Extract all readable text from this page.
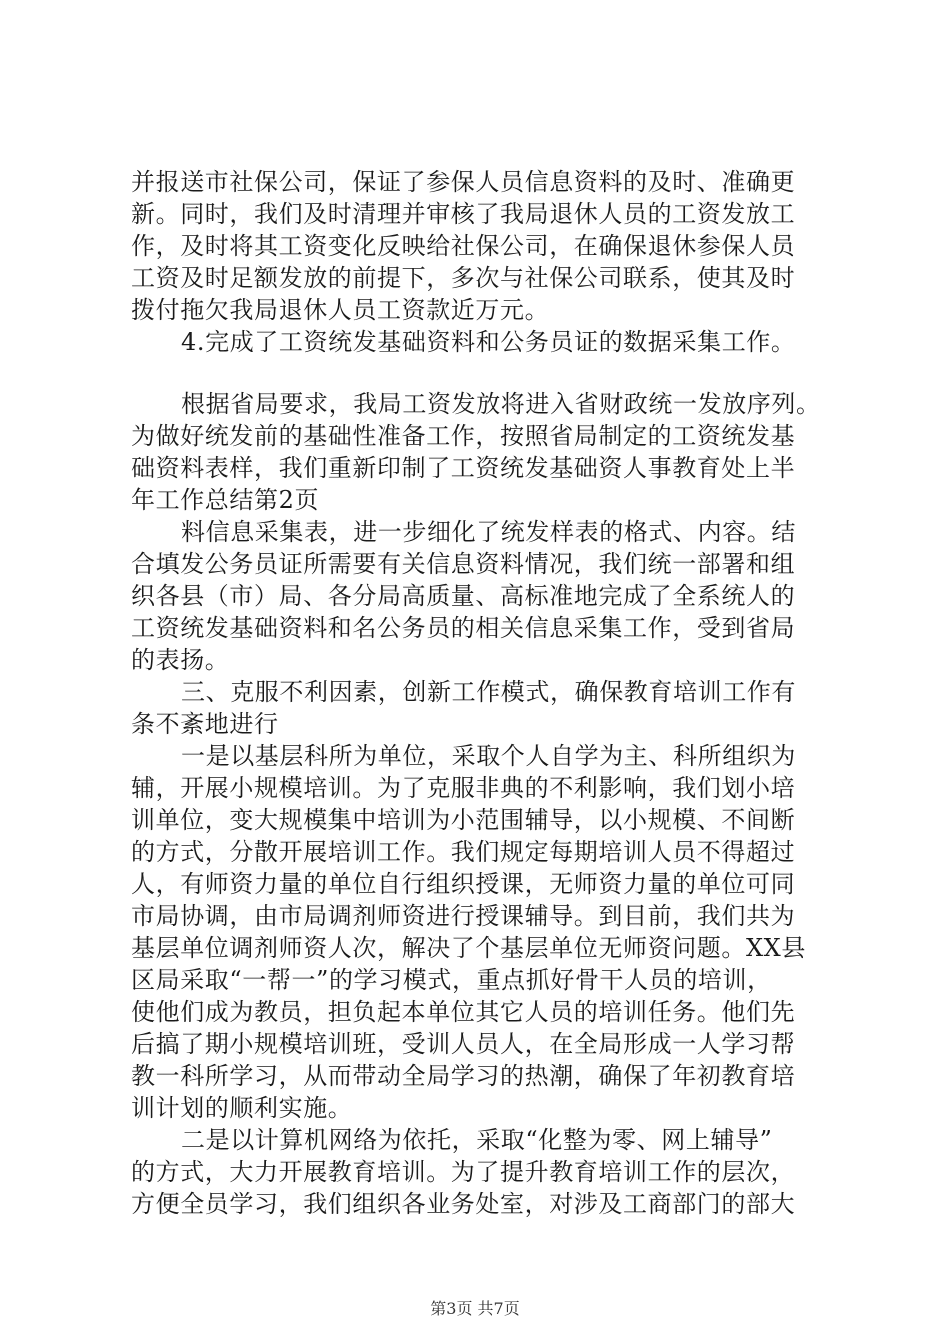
并报送市社保公司，保证了参保人员信息资料的及时、准确更
新。同时，我们及时清理并审核了我局退休人员的工资发放工
作，及时将其工资变化反映给社保公司，在确保退休参保人员
工资及时足额发放的前提下，多次与社保公司联系，使其及时
拨付拖欠我局退休人员工资款近万元。
4.完成了工资统发基础资料和公务员证的数据采集工作。
根据省局要求，我局工资发放将进入省财政统一发放序列。
为做好统发前的基础性准备工作，按照省局制定的工资统发基
础资料表样，我们重新印制了工资统发基础资人事教育处上半
年工作总结第2页
料信息采集表，进一步细化了统发样表的格式、内容。结
合填发公务员证所需要有关信息资料情况，我们统一部署和组
织各县（市）局、各分局高质量、高标准地完成了全系统人的
工资统发基础资料和名公务员的相关信息采集工作，受到省局
的表扬。
三、克服不利因素，创新工作模式，确保教育培训工作有
条不紊地进行
一是以基层科所为单位，采取个人自学为主、科所组织为
辅，开展小规模培训。为了克服非典的不利影响，我们划小培
训单位，变大规模集中培训为小范围辅导，以小规模、不间断
的方式，分散开展培训工作。我们规定每期培训人员不得超过
人，有师资力量的单位自行组织授课，无师资力量的单位可同
市局协调，由市局调剂师资进行授课辅导。到目前，我们共为
基层单位调剂师资人次，解决了个基层单位无师资问题。XX县
区局采取“一帮一”的学习模式，重点抓好骨干人员的培训，
使他们成为教员，担负起本单位其它人员的培训任务。他们先
后搞了期小规模培训班，受训人员人，在全局形成一人学习帮
教一科所学习，从而带动全局学习的热潮，确保了年初教育培
训计划的顺利实施。
二是以计算机网络为依托，采取“化整为零、网上辅导”
的方式，大力开展教育培训。为了提升教育培训工作的层次，
方便全员学习，我们组织各业务处室，对涉及工商部门的部大
第3页 共7页
